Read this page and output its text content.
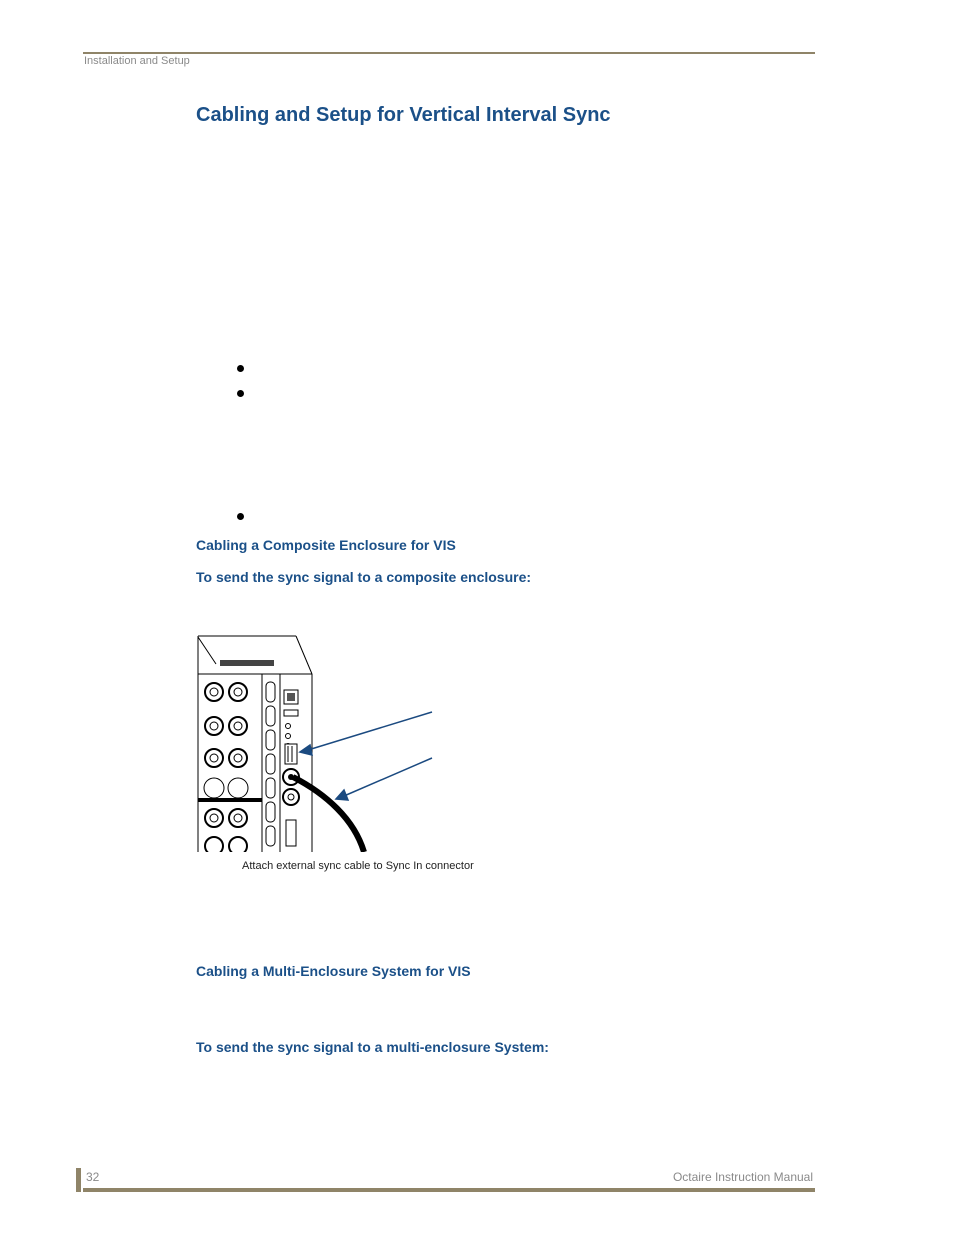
Installation and Setup
Cabling and Setup for Vertical Interval Sync
Cabling a Composite Enclosure for VIS
To send the sync signal to a composite enclosure:
Attach external sync cable to Sync In connector
Cabling a Multi-Enclosure System for VIS
To send the sync signal to a multi-enclosure System:
32	Octaire Instruction Manual
